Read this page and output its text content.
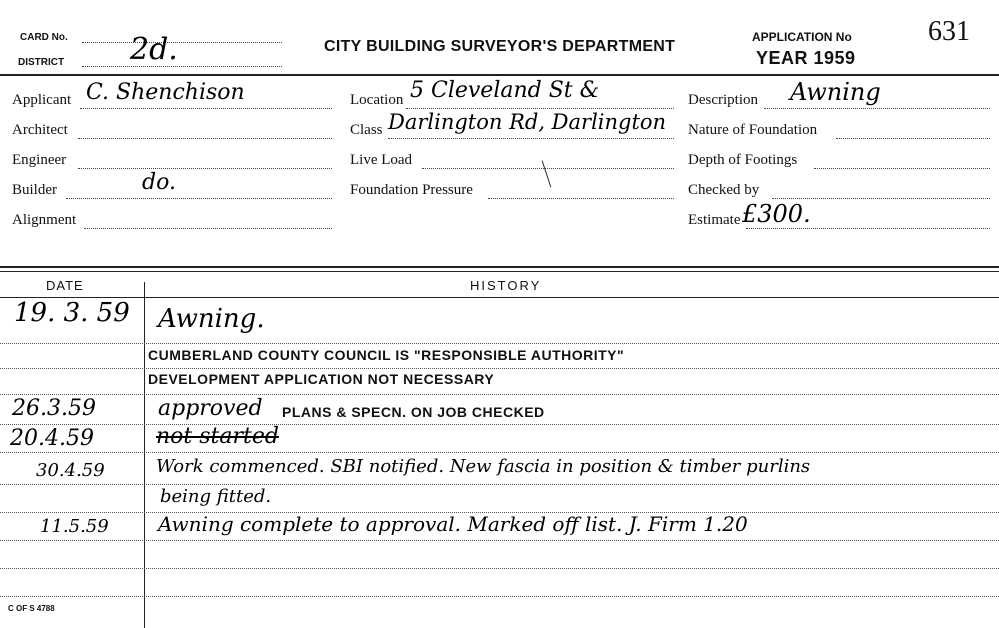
CARD No.
DISTRICT 2d.	CITY BUILDING SURVEYOR'S DEPARTMENT
APPLICATION No	631
YEAR 1959
Applicant C. Shenchison
Architect
Engineer
Builder	do.
Alignment
Location 5 Cleveland St &
Class Darlington Rd, Darlington
Live Load
Foundation Pressure
Description Awning
Nature of Foundation
Depth of Footings
Checked by
Estimate £300.
DATE	HISTORY
19. 3. 59 Awning.
CUMBERLAND COUNTY COUNCIL IS "RESPONSIBLE AUTHORITY"
DEVELOPMENT APPLICATION NOT NECESSARY
26.3.59	approved PLANS & SPECN. ON JOB CHECKED
20.4.59	not started
30.4.59	Work commenced. SBI notified. New fascia in position & timber purlins
being fitted.
11.5.59 Awning complete to approval. Marked off list. J. Firm 1.20
C OF S 4788
